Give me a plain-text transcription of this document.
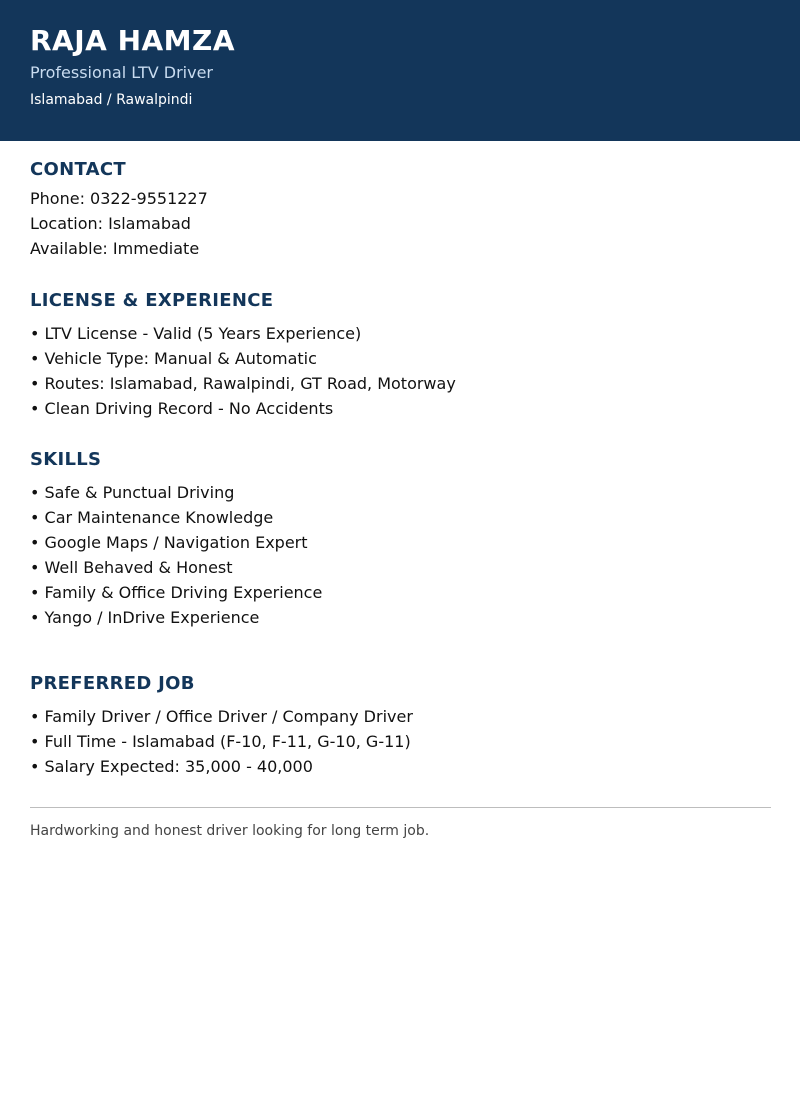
RAJA HAMZA
Professional LTV Driver
Islamabad / Rawalpindi
CONTACT
Phone: 0322-9551227
Location: Islamabad
Available: Immediate
LICENSE & EXPERIENCE
• LTV License - Valid (5 Years Experience)
• Vehicle Type: Manual & Automatic
• Routes: Islamabad, Rawalpindi, GT Road, Motorway
• Clean Driving Record - No Accidents
SKILLS
• Safe & Punctual Driving
• Car Maintenance Knowledge
• Google Maps / Navigation Expert
• Well Behaved & Honest
• Family & Office Driving Experience
• Yango / InDrive Experience
PREFERRED JOB
• Family Driver / Office Driver / Company Driver
• Full Time - Islamabad (F-10, F-11, G-10, G-11)
• Salary Expected: 35,000 - 40,000
Hardworking and honest driver looking for long term job.
